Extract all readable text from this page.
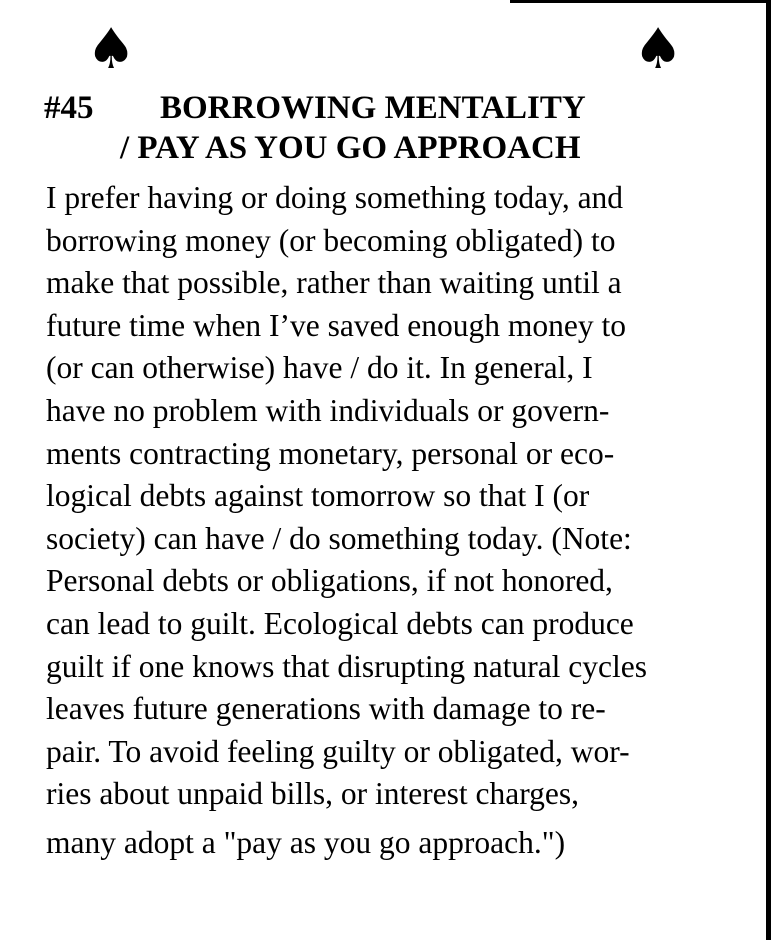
♠	♠
#45 BORROWING MENTALITY
/ PAY AS YOU GO APPROACH
I prefer having or doing something today, and
borrowing money (or becoming obligated) to
make that possible, rather than waiting until a
future time when I’ve saved enough money to
(or can otherwise) have / do it. In general, I
have no problem with individuals or govern-
ments contracting monetary, personal or eco-
logical debts against tomorrow so that I (or
society) can have / do something today. (Note:
Personal debts or obligations, if not honored,
can lead to guilt. Ecological debts can produce
guilt if one knows that disrupting natural cycles
leaves future generations with damage to re-
pair. To avoid feeling guilty or obligated, wor-
ries about unpaid bills, or interest charges,
many adopt a "pay as you go approach.")
